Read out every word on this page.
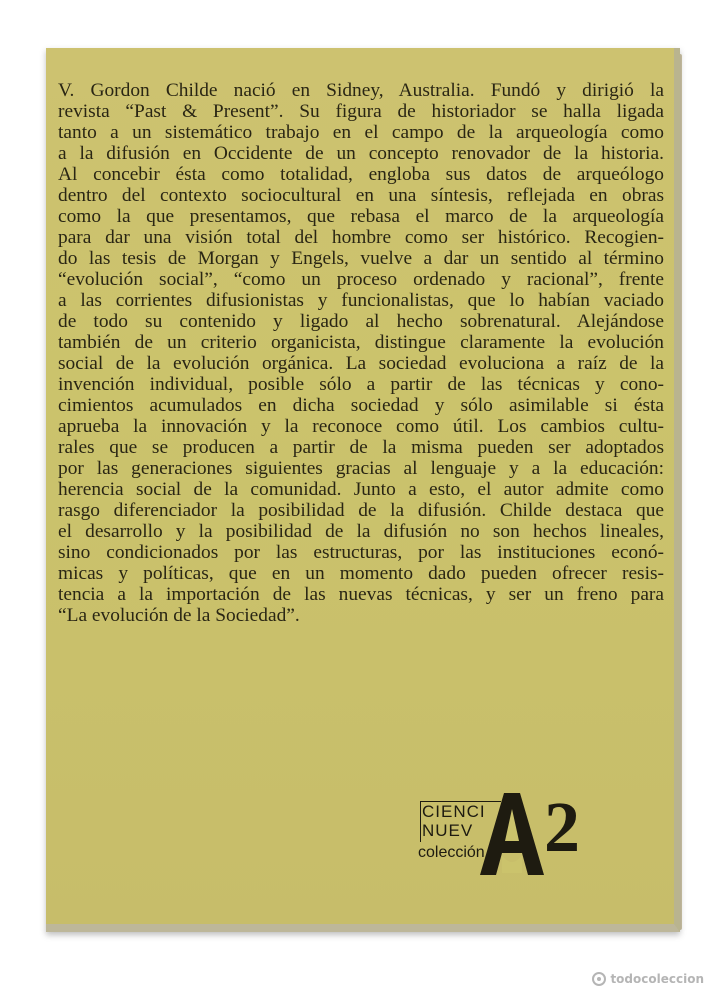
V. Gordon Childe nació en Sidney, Australia. Fundó y dirigió la
revista “Past & Present”. Su figura de historiador se halla ligada
tanto a un sistemático trabajo en el campo de la arqueología como
a la difusión en Occidente de un concepto renovador de la historia.
Al concebir ésta como totalidad, engloba sus datos de arqueólogo
dentro del contexto sociocultural en una síntesis, reflejada en obras
como la que presentamos, que rebasa el marco de la arqueología
para dar una visión total del hombre como ser histórico. Recogien-
do las tesis de Morgan y Engels, vuelve a dar un sentido al término
“evolución social”, “como un proceso ordenado y racional”, frente
a las corrientes difusionistas y funcionalistas, que lo habían vaciado
de todo su contenido y ligado al hecho sobrenatural. Alejándose
también de un criterio organicista, distingue claramente la evolución
social de la evolución orgánica. La sociedad evoluciona a raíz de la
invención individual, posible sólo a partir de las técnicas y cono-
cimientos acumulados en dicha sociedad y sólo asimilable si ésta
aprueba la innovación y la reconoce como útil. Los cambios cultu-
rales que se producen a partir de la misma pueden ser adoptados
por las generaciones siguientes gracias al lenguaje y a la educación:
herencia social de la comunidad. Junto a esto, el autor admite como
rasgo diferenciador la posibilidad de la difusión. Childe destaca que
el desarrollo y la posibilidad de la difusión no son hechos lineales,
sino condicionados por las estructuras, por las instituciones econó-
micas y políticas, que en un momento dado pueden ofrecer resis-
tencia a la importación de las nuevas técnicas, y ser un freno para
“La evolución de la Sociedad”.
CIENCI
NUEV
colección 2
todocoleccion
